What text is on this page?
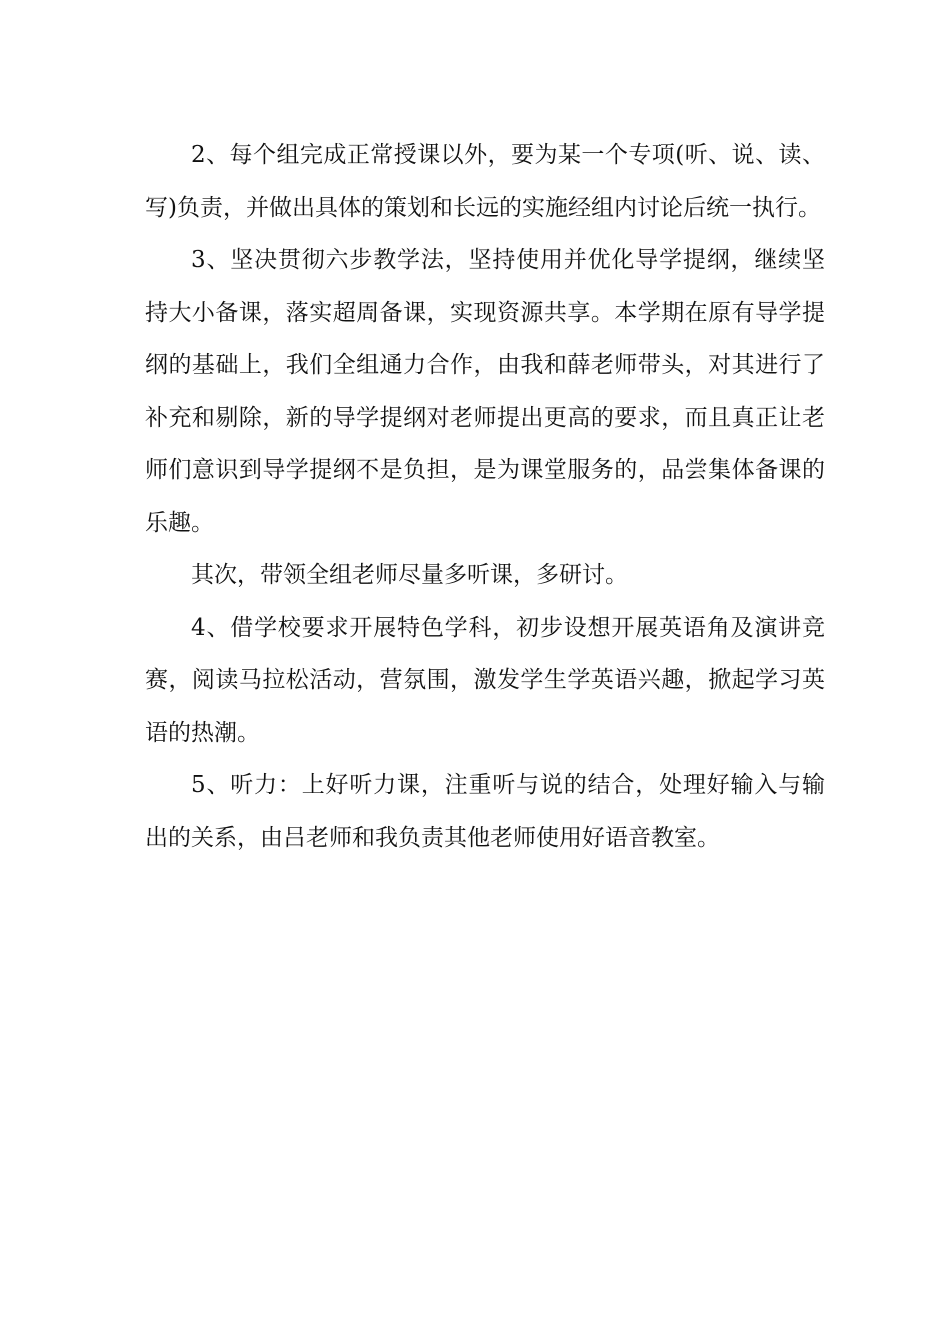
2、每个组完成正常授课以外，要为某一个专项(听、说、读、写)负责，并做出具体的策划和长远的实施经组内讨论后统一执行。

3、坚决贯彻六步教学法，坚持使用并优化导学提纲，继续坚持大小备课，落实超周备课，实现资源共享。本学期在原有导学提纲的基础上，我们全组通力合作，由我和薛老师带头，对其进行了补充和剔除，新的导学提纲对老师提出更高的要求，而且真正让老师们意识到导学提纲不是负担，是为课堂服务的，品尝集体备课的乐趣。

其次，带领全组老师尽量多听课，多研讨。

4、借学校要求开展特色学科，初步设想开展英语角及演讲竞赛，阅读马拉松活动，营氛围，激发学生学英语兴趣，掀起学习英语的热潮。

5、听力：上好听力课，注重听与说的结合，处理好输入与输出的关系，由吕老师和我负责其他老师使用好语音教室。
